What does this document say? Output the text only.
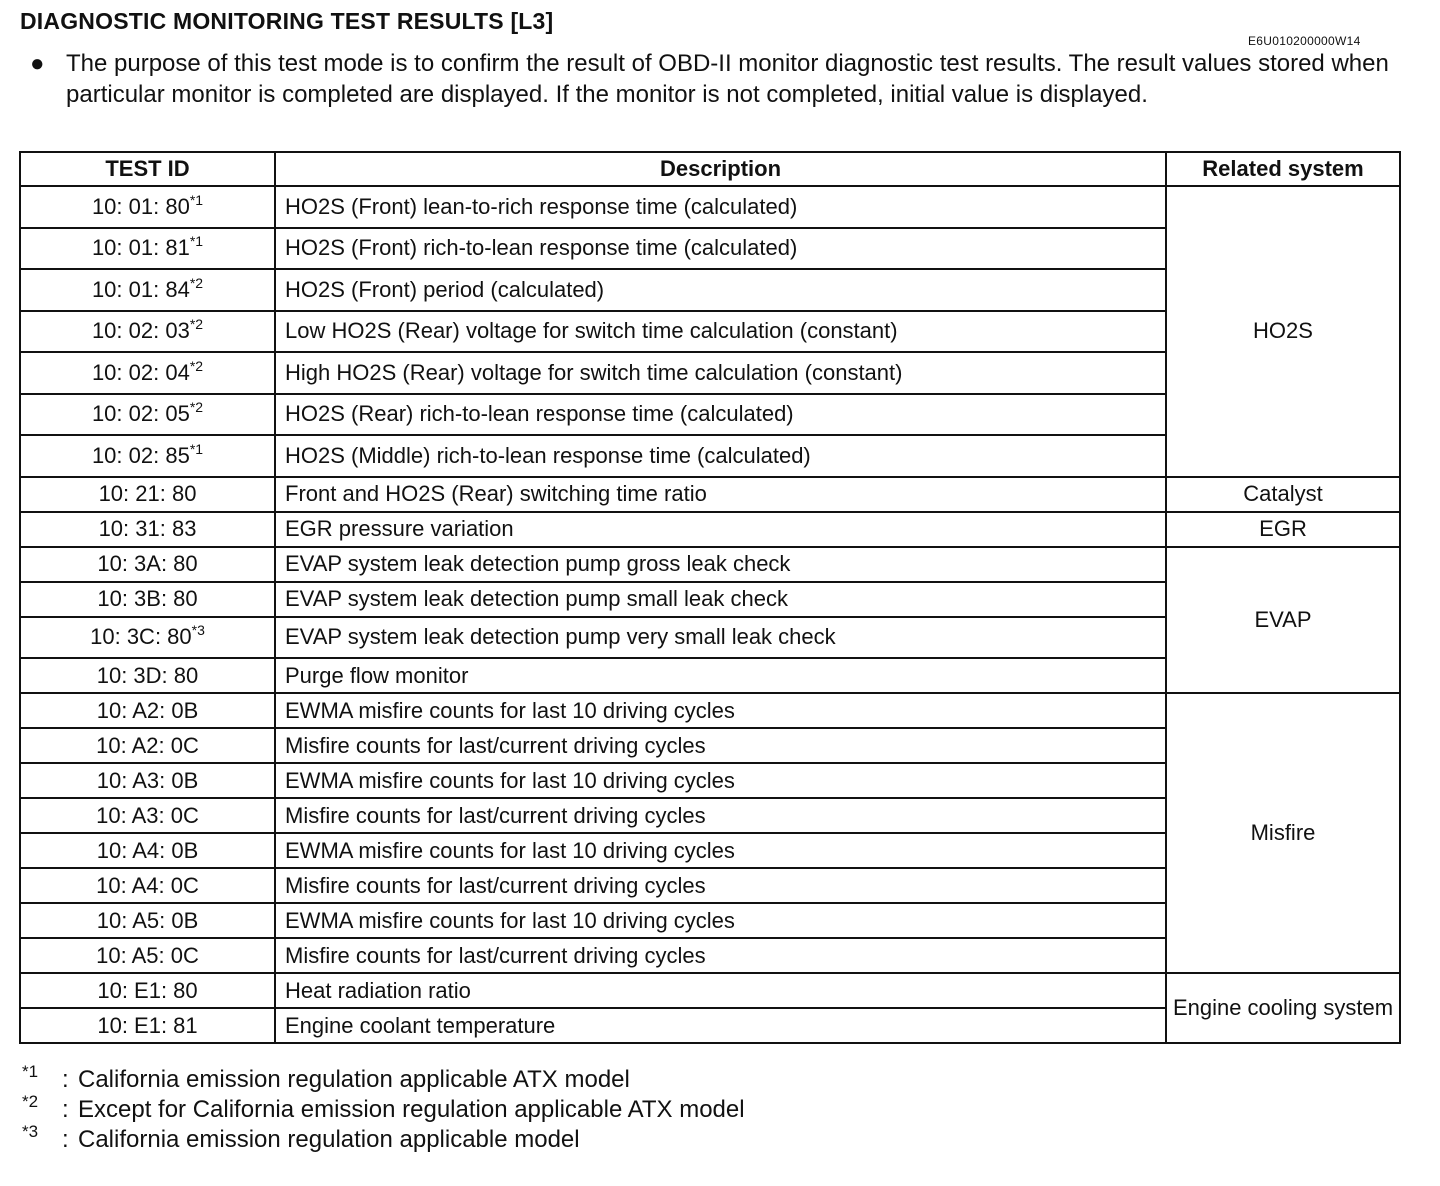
DIAGNOSTIC MONITORING TEST RESULTS [L3]
E6U010200000W14
● The purpose of this test mode is to confirm the result of OBD-II monitor diagnostic test results. The result values stored when particular monitor is completed are displayed. If the monitor is not completed, initial value is displayed.
TEST ID	Description	Related system
10: 01: 80$^{*1}$	HO2S (Front) lean-to-rich response time (calculated)	HO2S
10: 01: 81$^{*1}$	HO2S (Front) rich-to-lean response time (calculated)	
10: 01: 84$^{*2}$	HO2S (Front) period (calculated)	
10: 02: 03$^{*2}$	Low HO2S (Rear) voltage for switch time calculation (constant)	
10: 02: 04$^{*2}$	High HO2S (Rear) voltage for switch time calculation (constant)	
10: 02: 05$^{*2}$	HO2S (Rear) rich-to-lean response time (calculated)	
10: 02: 85$^{*1}$	HO2S (Middle) rich-to-lean response time (calculated)	
10: 21: 80	Front and HO2S (Rear) switching time ratio	Catalyst
10: 31: 83	EGR pressure variation	EGR
10: 3A: 80	EVAP system leak detection pump gross leak check	EVAP
10: 3B: 80	EVAP system leak detection pump small leak check	
10: 3C: 80$^{*3}$	EVAP system leak detection pump very small leak check	
10: 3D: 80	Purge flow monitor	
10: A2: 0B	EWMA misfire counts for last 10 driving cycles	Misfire
10: A2: 0C	Misfire counts for last/current driving cycles	
10: A3: 0B	EWMA misfire counts for last 10 driving cycles	
10: A3: 0C	Misfire counts for last/current driving cycles	
10: A4: 0B	EWMA misfire counts for last 10 driving cycles	
10: A4: 0C	Misfire counts for last/current driving cycles	
10: A5: 0B	EWMA misfire counts for last 10 driving cycles	
10: A5: 0C	Misfire counts for last/current driving cycles	
10: E1: 80	Heat radiation ratio	Engine cooling system
10: E1: 81	Engine coolant temperature	
*1 : California emission regulation applicable ATX model
*2 : Except for California emission regulation applicable ATX model
*3 : California emission regulation applicable model
